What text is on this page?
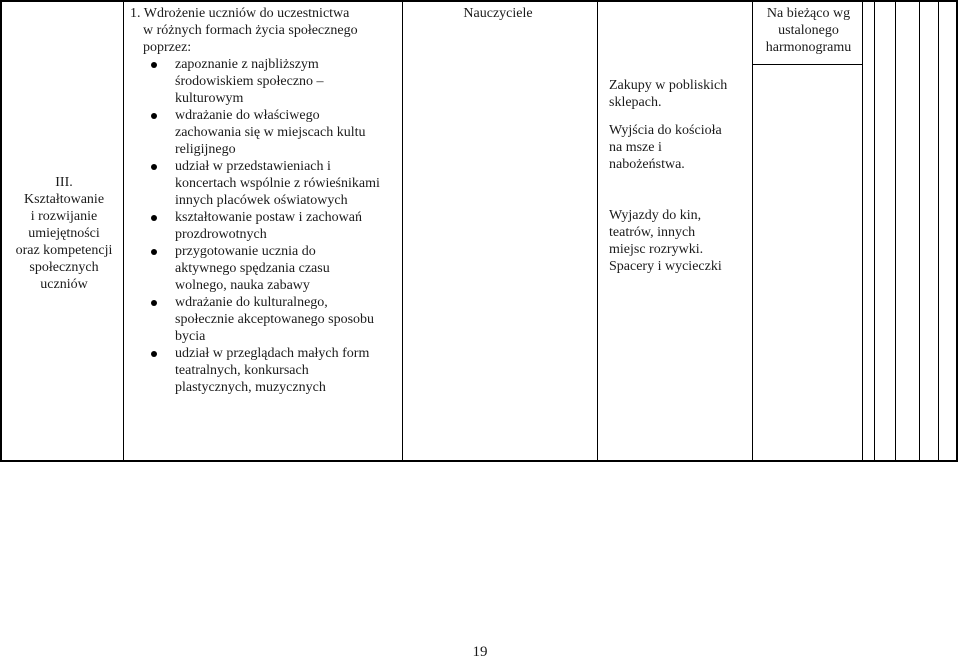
III.
Kształtowanie
i rozwijanie
umiejętności
oraz kompetencji
społecznych
uczniów
1. Wdrożenie uczniów do uczestnictwa
w różnych formach życia społecznego
poprzez:
zapoznanie z najbliższym
środowiskiem społeczno –
kulturowym
wdrażanie do właściwego
zachowania się w miejscach kultu
religijnego
udział w przedstawieniach i
koncertach wspólnie z rówieśnikami
innych placówek oświatowych
kształtowanie postaw i zachowań
prozdrowotnych
przygotowanie ucznia do
aktywnego spędzania czasu
wolnego, nauka zabawy
wdrażanie do kulturalnego,
społecznie akceptowanego sposobu
bycia
udział w przeglądach małych form
teatralnych, konkursach
plastycznych, muzycznych
Nauczyciele

Zakupy w pobliskich

sklepach.

Wyjścia do kościoła

na msze i

nabożeństwa.

Wyjazdy do kin,

teatrów, innych

miejsc rozrywki.

Spacery i wycieczki

Na bieżąco wg
ustalonego
harmonogramu
19
